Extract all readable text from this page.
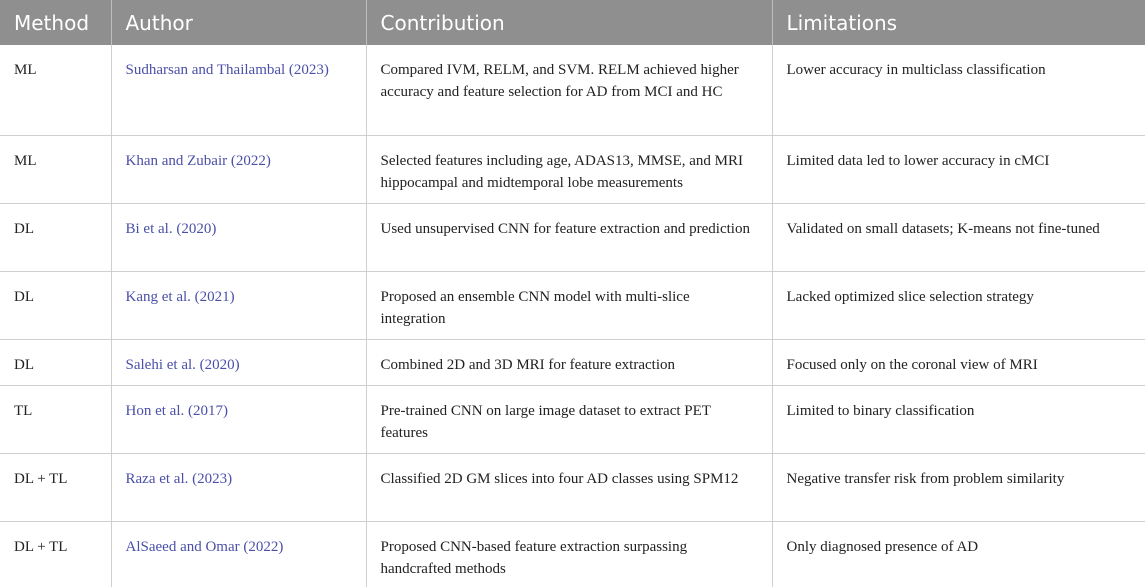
Method	Author	Contribution	Limitations
ML	Sudharsan and Thailambal (2023)	Compared IVM, RELM, and SVM. RELM achieved higher accuracy and feature selection for AD from MCI and HC	Lower accuracy in multiclass classification
ML	Khan and Zubair (2022)	Selected features including age, ADAS13, MMSE, and MRI hippocampal and midtemporal lobe measurements	Limited data led to lower accuracy in cMCI
DL	Bi et al. (2020)	Used unsupervised CNN for feature extraction and prediction	Validated on small datasets; K-means not fine-tuned
DL	Kang et al. (2021)	Proposed an ensemble CNN model with multi-slice integration	Lacked optimized slice selection strategy
DL	Salehi et al. (2020)	Combined 2D and 3D MRI for feature extraction	Focused only on the coronal view of MRI
TL	Hon et al. (2017)	Pre-trained CNN on large image dataset to extract PET features	Limited to binary classification
DL + TL	Raza et al. (2023)	Classified 2D GM slices into four AD classes using SPM12	Negative transfer risk from problem similarity
DL + TL	AlSaeed and Omar (2022)	Proposed CNN-based feature extraction surpassing handcrafted methods	Only diagnosed presence of AD
